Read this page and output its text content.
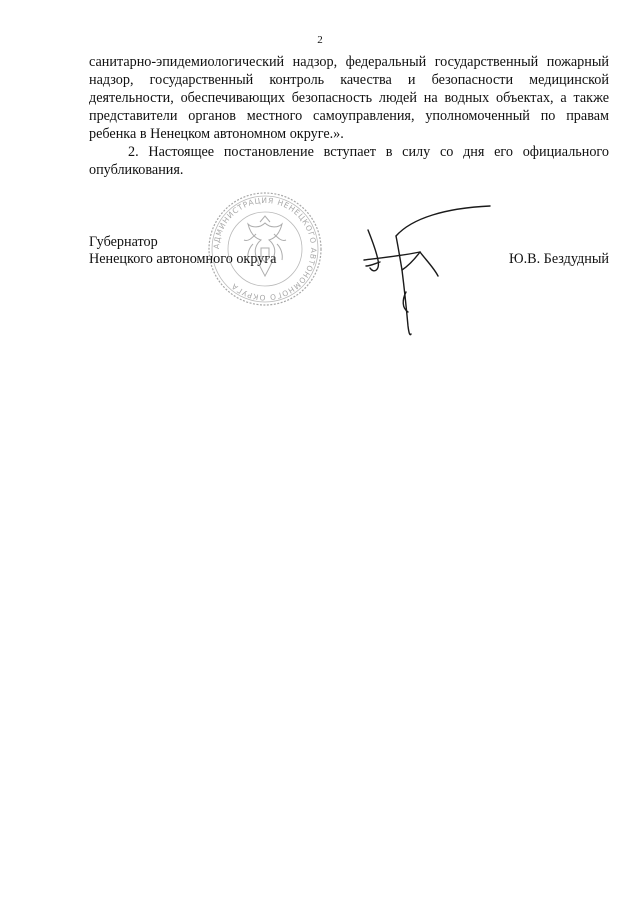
2

санитарно-эпидемиологический надзор, федеральный государственный пожарный надзор, государственный контроль качества и безопасности медицинской деятельности, обеспечивающих безопасность людей на водных объектах, а также представители органов местного самоуправления, уполномоченный по правам ребенка в Ненецком автономном округе.».

2. Настоящее постановление вступает в силу со дня его официального опубликования.

Губернатор
Ненецкого автономного округа	Ю.В. Бездудный
АДМИНИСТРАЦИЯ НЕНЕЦКОГО АВТОНОМНОГО ОКРУГА
